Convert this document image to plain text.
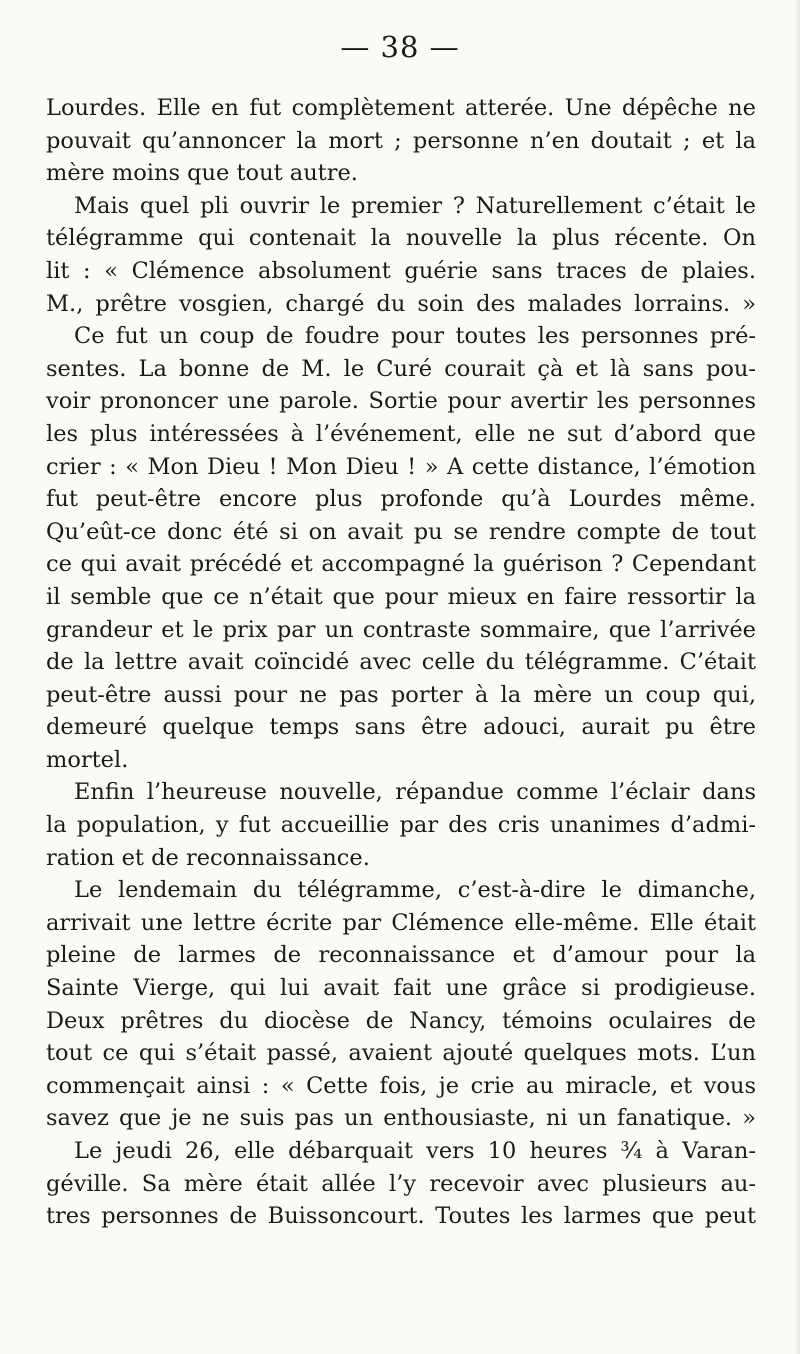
— 38 —
Lourdes. Elle en fut complètement atterée. Une dépêche ne
pouvait qu’annoncer la mort ; personne n’en doutait ; et la
mère moins que tout autre.
Mais quel pli ouvrir le premier ? Naturellement c’était le
télégramme qui contenait la nouvelle la plus récente. On
lit : « Clémence absolument guérie sans traces de plaies.
M., prêtre vosgien, chargé du soin des malades lorrains. »
Ce fut un coup de foudre pour toutes les personnes pré-
sentes. La bonne de M. le Curé courait çà et là sans pou-
voir prononcer une parole. Sortie pour avertir les personnes
les plus intéressées à l’événement, elle ne sut d’abord que
crier : « Mon Dieu ! Mon Dieu ! » A cette distance, l’émotion
fut peut-être encore plus profonde qu’à Lourdes même.
Qu’eût-ce donc été si on avait pu se rendre compte de tout
ce qui avait précédé et accompagné la guérison ? Cependant
il semble que ce n’était que pour mieux en faire ressortir la
grandeur et le prix par un contraste sommaire, que l’arrivée
de la lettre avait coïncidé avec celle du télégramme. C’était
peut-être aussi pour ne pas porter à la mère un coup qui,
demeuré quelque temps sans être adouci, aurait pu être
mortel.
Enfin l’heureuse nouvelle, répandue comme l’éclair dans
la population, y fut accueillie par des cris unanimes d’admi-
ration et de reconnaissance.
Le lendemain du télégramme, c’est-à-dire le dimanche,
arrivait une lettre écrite par Clémence elle-même. Elle était
pleine de larmes de reconnaissance et d’amour pour la
Sainte Vierge, qui lui avait fait une grâce si prodigieuse.
Deux prêtres du diocèse de Nancy, témoins oculaires de
tout ce qui s’était passé, avaient ajouté quelques mots. L’un
commençait ainsi : « Cette fois, je crie au miracle, et vous
savez que je ne suis pas un enthousiaste, ni un fanatique. »
Le jeudi 26, elle débarquait vers 10 heures ¾ à Varan-
géville. Sa mère était allée l’y recevoir avec plusieurs au-
tres personnes de Buissoncourt. Toutes les larmes que peut
